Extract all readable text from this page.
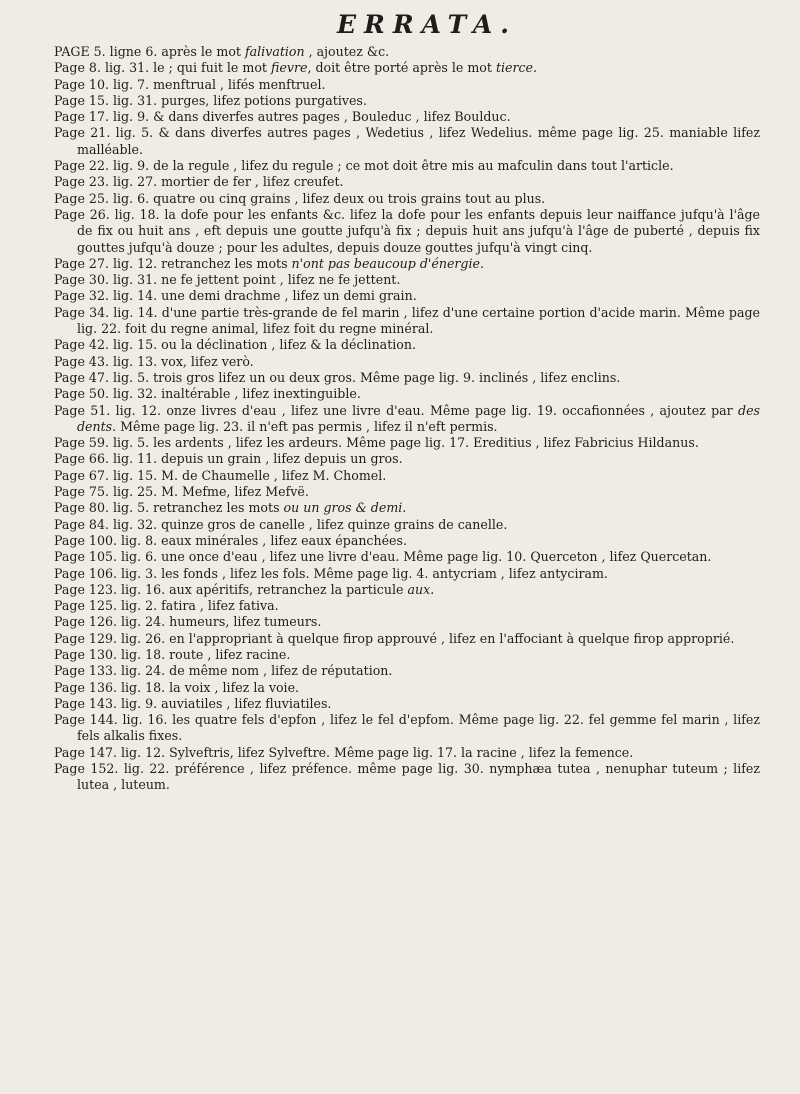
ERRATA.

PAGE 5. ligne 6. après le mot falivation , ajoutez &c.

Page 8. lig. 31. le ; qui fuit le mot fievre, doit être porté après le mot tierce.

Page 10. lig. 7. menftrual , lifés menftruel.

Page 15. lig. 31. purges, lifez potions purgatives.

Page 17. lig. 9. & dans diverfes autres pages , Bouleduc , lifez Boulduc.

Page 21. lig. 5. & dans diverfes autres pages , Wedetius , lifez Wedelius. même page lig. 25. maniable lifez malléable.

Page 22. lig. 9. de la regule , lifez du regule ; ce mot doit être mis au mafculin dans tout l'article.

Page 23. lig. 27. mortier de fer , lifez creufet.

Page 25. lig. 6. quatre ou cinq grains , lifez deux ou trois grains tout au plus.

Page 26. lig. 18. la dofe pour les enfants &c. lifez la dofe pour les enfants depuis leur naiffance jufqu'à l'âge de fix ou huit ans , eft depuis une goutte jufqu'à fix ; depuis huit ans jufqu'à l'âge de puberté , depuis fix gouttes jufqu'à douze ; pour les adultes, depuis douze gouttes jufqu'à vingt cinq.

Page 27. lig. 12. retranchez les mots n'ont pas beaucoup d'énergie.

Page 30. lig. 31. ne fe jettent point , lifez ne fe jettent.

Page 32. lig. 14. une demi drachme , lifez un demi grain.

Page 34. lig. 14. d'une partie très-grande de fel marin , lifez d'une certaine portion d'acide marin. Même page lig. 22. foit du regne animal, lifez foit du regne minéral.

Page 42. lig. 15. ou la déclination , lifez & la déclination.

Page 43. lig. 13. vox, lifez verò.

Page 47. lig. 5. trois gros lifez un ou deux gros. Même page lig. 9. inclinés , lifez enclins.

Page 50. lig. 32. inaltérable , lifez inextinguible.

Page 51. lig. 12. onze livres d'eau , lifez une livre d'eau. Même page lig. 19. occafionnées , ajoutez par des dents. Même page lig. 23. il n'eft pas permis , lifez il n'eft permis.

Page 59. lig. 5. les ardents , lifez les ardeurs. Même page lig. 17. Ereditius , lifez Fabricius Hildanus.

Page 66. lig. 11. depuis un grain , lifez depuis un gros.

Page 67. lig. 15. M. de Chaumelle , lifez M. Chomel.

Page 75. lig. 25. M. Mefme, lifez Mefvë.

Page 80. lig. 5. retranchez les mots ou un gros & demi.

Page 84. lig. 32. quinze gros de canelle , lifez quinze grains de canelle.

Page 100. lig. 8. eaux minérales , lifez eaux épanchées.

Page 105. lig. 6. une once d'eau , lifez une livre d'eau. Même page lig. 10. Querceton , lifez Quercetan.

Page 106. lig. 3. les fonds , lifez les fols. Même page lig. 4. antycriam , lifez antyciram.

Page 123. lig. 16. aux apéritifs, retranchez la particule aux.

Page 125. lig. 2. fatira , lifez fativa.

Page 126. lig. 24. humeurs, lifez tumeurs.

Page 129. lig. 26. en l'appropriant à quelque firop approuvé , lifez en l'affociant à quelque firop approprié.

Page 130. lig. 18. route , lifez racine.

Page 133. lig. 24. de même nom , lifez de réputation.

Page 136. lig. 18. la voix , lifez la voie.

Page 143. lig. 9. auviatiles , lifez fluviatiles.

Page 144. lig. 16. les quatre fels d'epfon , lifez le fel d'epfom. Même page lig. 22. fel gemme fel marin , lifez fels alkalis fixes.

Page 147. lig. 12. Sylveftris, lifez Sylveftre. Même page lig. 17. la racine , lifez la femence.

Page 152. lig. 22. préférence , lifez préfence. même page lig. 30. nymphæa tutea , nenuphar tuteum ; lifez lutea , luteum.
